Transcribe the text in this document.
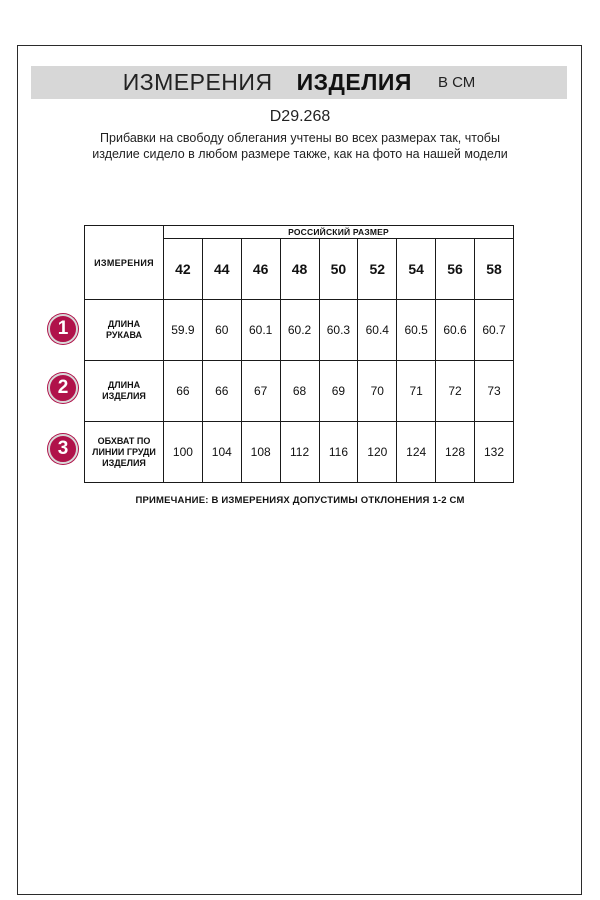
ИЗМЕРЕНИЯ ИЗДЕЛИЯ В СМ
D29.268
Прибавки на свободу облегания учтены во всех размерах так, чтобы изделие сидело в любом размере также, как на фото на нашей модели
ИЗМЕРЕНИЯ	РОССИЙСКИЙ РАЗМЕР								
	42	44	46	48	50	52	54	56	58

ДЛИНА
РУКАВА	59.9	60	60.1	60.2	60.3	60.4	60.5	60.6	60.7

ДЛИНА
ИЗДЕЛИЯ	66	66	67	68	69	70	71	72	73

ОБХВАТ ПО
ЛИНИИ ГРУДИ
ИЗДЕЛИЯ	100	104	108	112	116	120	124	128	132
1
2
3
ПРИМЕЧАНИЕ: В ИЗМЕРЕНИЯХ ДОПУСТИМЫ ОТКЛОНЕНИЯ 1-2 СМ
